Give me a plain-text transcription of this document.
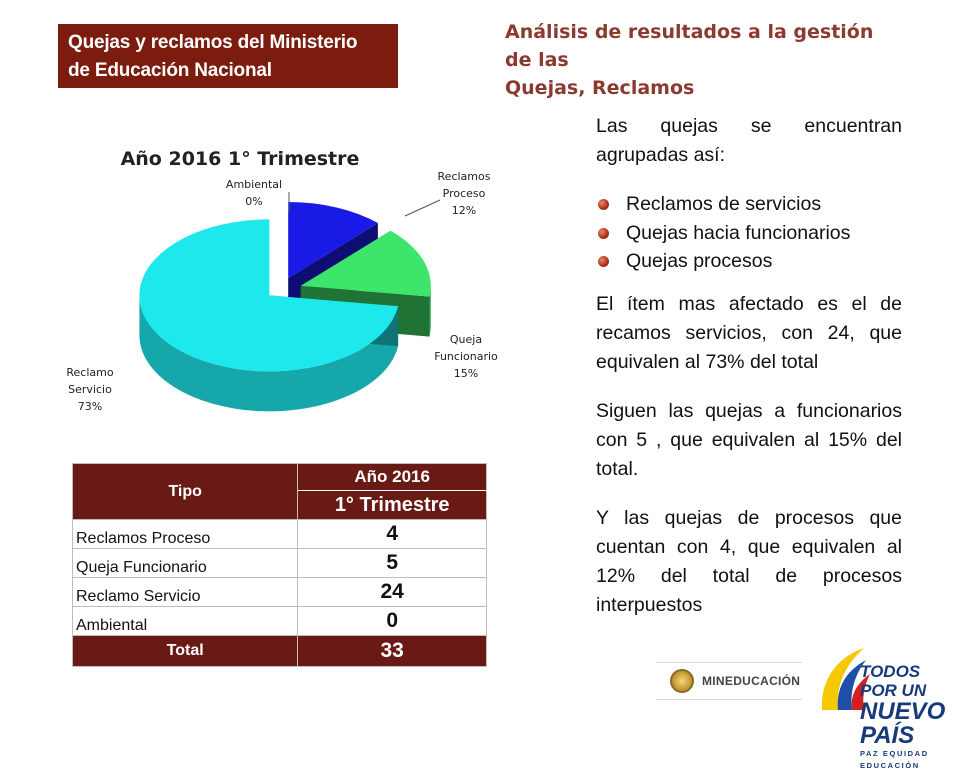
Quejas y reclamos del Ministerio
de Educación Nacional
Análisis de resultados a la gestión de las
Quejas, Reclamos
Año 2016 1° Trimestre
Reclamos Proceso 12%
Queja Funcionario 15%
Reclamo Servicio 73%
Ambiental 0%
Tipo	Año 2016
	1° Trimestre
Reclamos Proceso	4
Queja Funcionario	5
Reclamo Servicio	24
Ambiental	0
Total	33

Las quejas se encuentran agrupadas así:

Reclamos de servicios
Quejas hacia funcionarios
Quejas procesos

El ítem mas afectado es el de recamos servicios, con 24, que equivalen al 73% del total

Siguen las quejas a funcionarios con 5 , que equivalen al 15% del total.

Y las quejas de procesos que cuentan con 4, que equivalen al 12% del total de procesos interpuestos

MINEDUCACIÓN	TODOS POR UN
NUEVO PAÍS
PAZ EQUIDAD EDUCACIÓN
